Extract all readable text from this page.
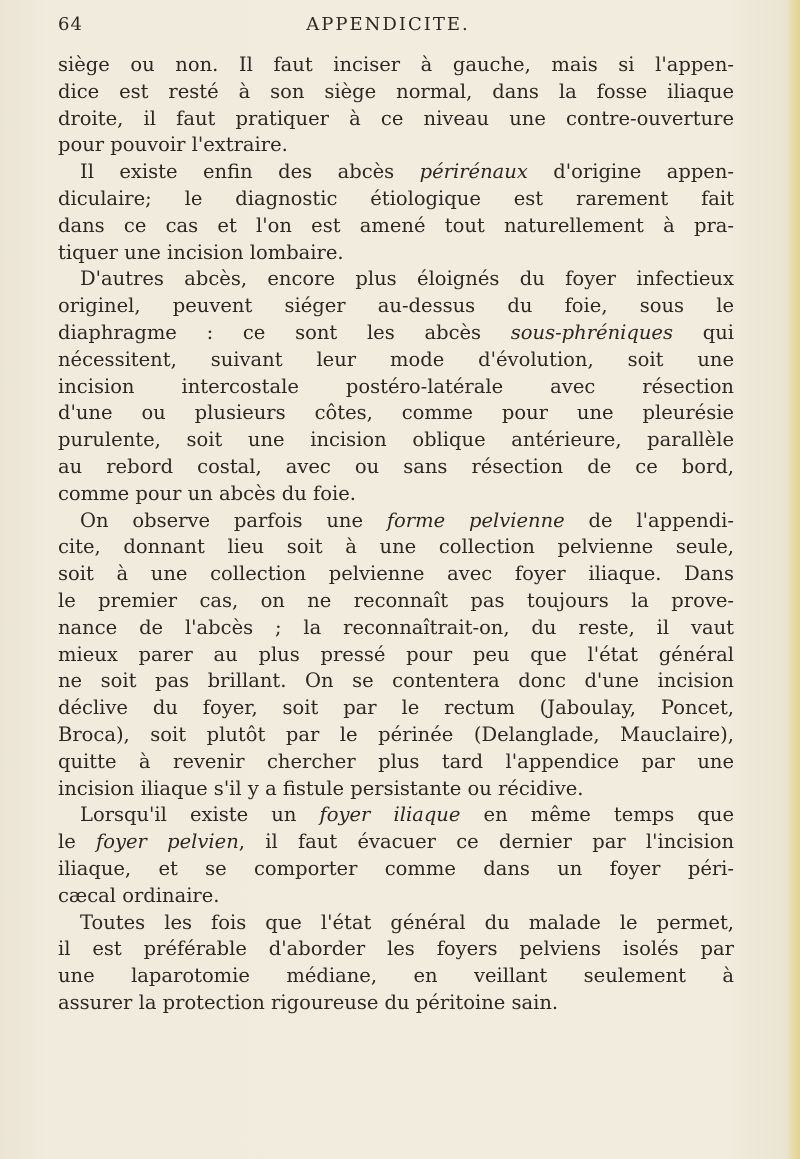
64	APPENDICITE.
siège ou non. Il faut inciser à gauche, mais si l'appen-
dice est resté à son siège normal, dans la fosse iliaque
droite, il faut pratiquer à ce niveau une contre-ouverture
pour pouvoir l'extraire.
Il existe enfin des abcès périrénaux d'origine appen-
diculaire; le diagnostic étiologique est rarement fait
dans ce cas et l'on est amené tout naturellement à pra-
tiquer une incision lombaire.
D'autres abcès, encore plus éloignés du foyer infectieux
originel, peuvent siéger au-dessus du foie, sous le
diaphragme : ce sont les abcès sous-phréniques qui
nécessitent, suivant leur mode d'évolution, soit une
incision intercostale postéro-latérale avec résection
d'une ou plusieurs côtes, comme pour une pleurésie
purulente, soit une incision oblique antérieure, parallèle
au rebord costal, avec ou sans résection de ce bord,
comme pour un abcès du foie.
On observe parfois une forme pelvienne de l'appendi-
cite, donnant lieu soit à une collection pelvienne seule,
soit à une collection pelvienne avec foyer iliaque. Dans
le premier cas, on ne reconnaît pas toujours la prove-
nance de l'abcès ; la reconnaîtrait-on, du reste, il vaut
mieux parer au plus pressé pour peu que l'état général
ne soit pas brillant. On se contentera donc d'une incision
déclive du foyer, soit par le rectum (Jaboulay, Poncet,
Broca), soit plutôt par le périnée (Delanglade, Mauclaire),
quitte à revenir chercher plus tard l'appendice par une
incision iliaque s'il y a fistule persistante ou récidive.
Lorsqu'il existe un foyer iliaque en même temps que
le foyer pelvien, il faut évacuer ce dernier par l'incision
iliaque, et se comporter comme dans un foyer péri-
cæcal ordinaire.
Toutes les fois que l'état général du malade le permet,
il est préférable d'aborder les foyers pelviens isolés par
une laparotomie médiane, en veillant seulement à
assurer la protection rigoureuse du péritoine sain.
